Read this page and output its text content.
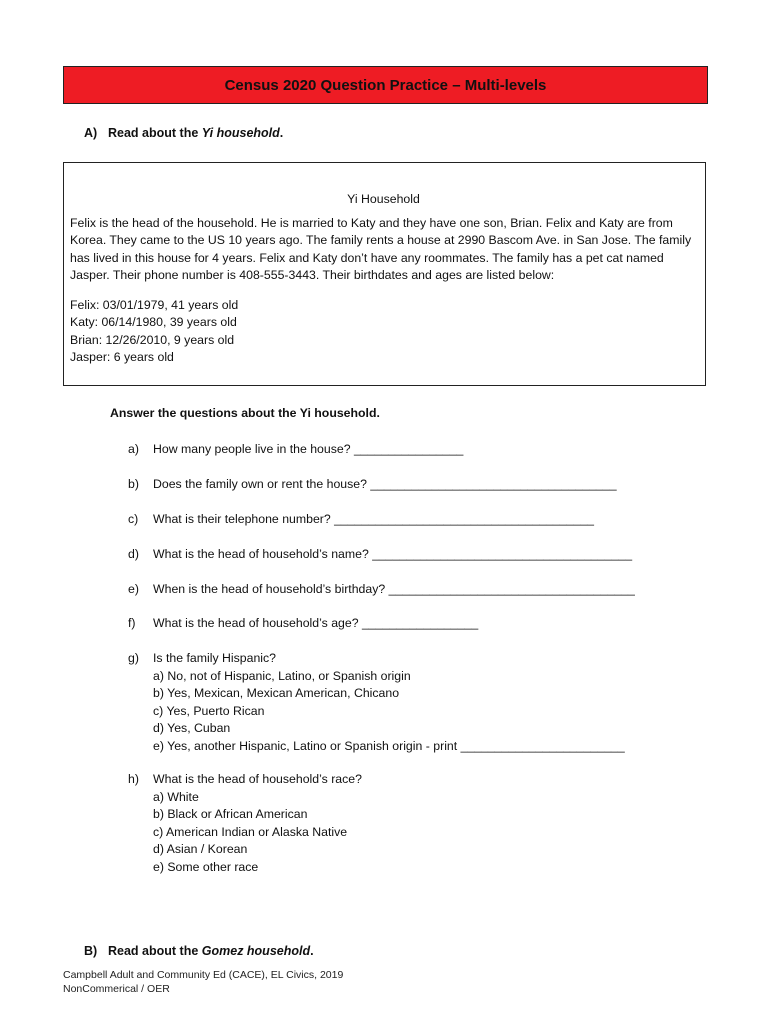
Census 2020 Question Practice – Multi-levels
A) Read about the Yi household.
Yi Household

Felix is the head of the household. He is married to Katy and they have one son, Brian. Felix and Katy are from Korea. They came to the US 10 years ago. The family rents a house at 2990 Bascom Ave. in San Jose. The family has lived in this house for 4 years. Felix and Katy don’t have any roommates. The family has a pet cat named Jasper. Their phone number is 408-555-3443. Their birthdates and ages are listed below:

Felix: 03/01/1979, 41 years old
Katy: 06/14/1980, 39 years old
Brian: 12/26/2010, 9 years old
Jasper: 6 years old
Answer the questions about the Yi household.
a) How many people live in the house? ________________
b) Does the family own or rent the house? ____________________________________
c) What is their telephone number? ______________________________________
d) What is the head of household’s name? ______________________________________
e) When is the head of household’s birthday? ____________________________________
f) What is the head of household’s age? _________________
g) Is the family Hispanic?
a) No, not of Hispanic, Latino, or Spanish origin
b) Yes, Mexican, Mexican American, Chicano
c) Yes, Puerto Rican
d) Yes, Cuban
e) Yes, another Hispanic, Latino or Spanish origin - print ________________________
h) What is the head of household’s race?
a) White
b) Black or African American
c) American Indian or Alaska Native
d) Asian / Korean
e) Some other race
B) Read about the Gomez household.
Campbell Adult and Community Ed (CACE), EL Civics, 2019
NonCommerical / OER
